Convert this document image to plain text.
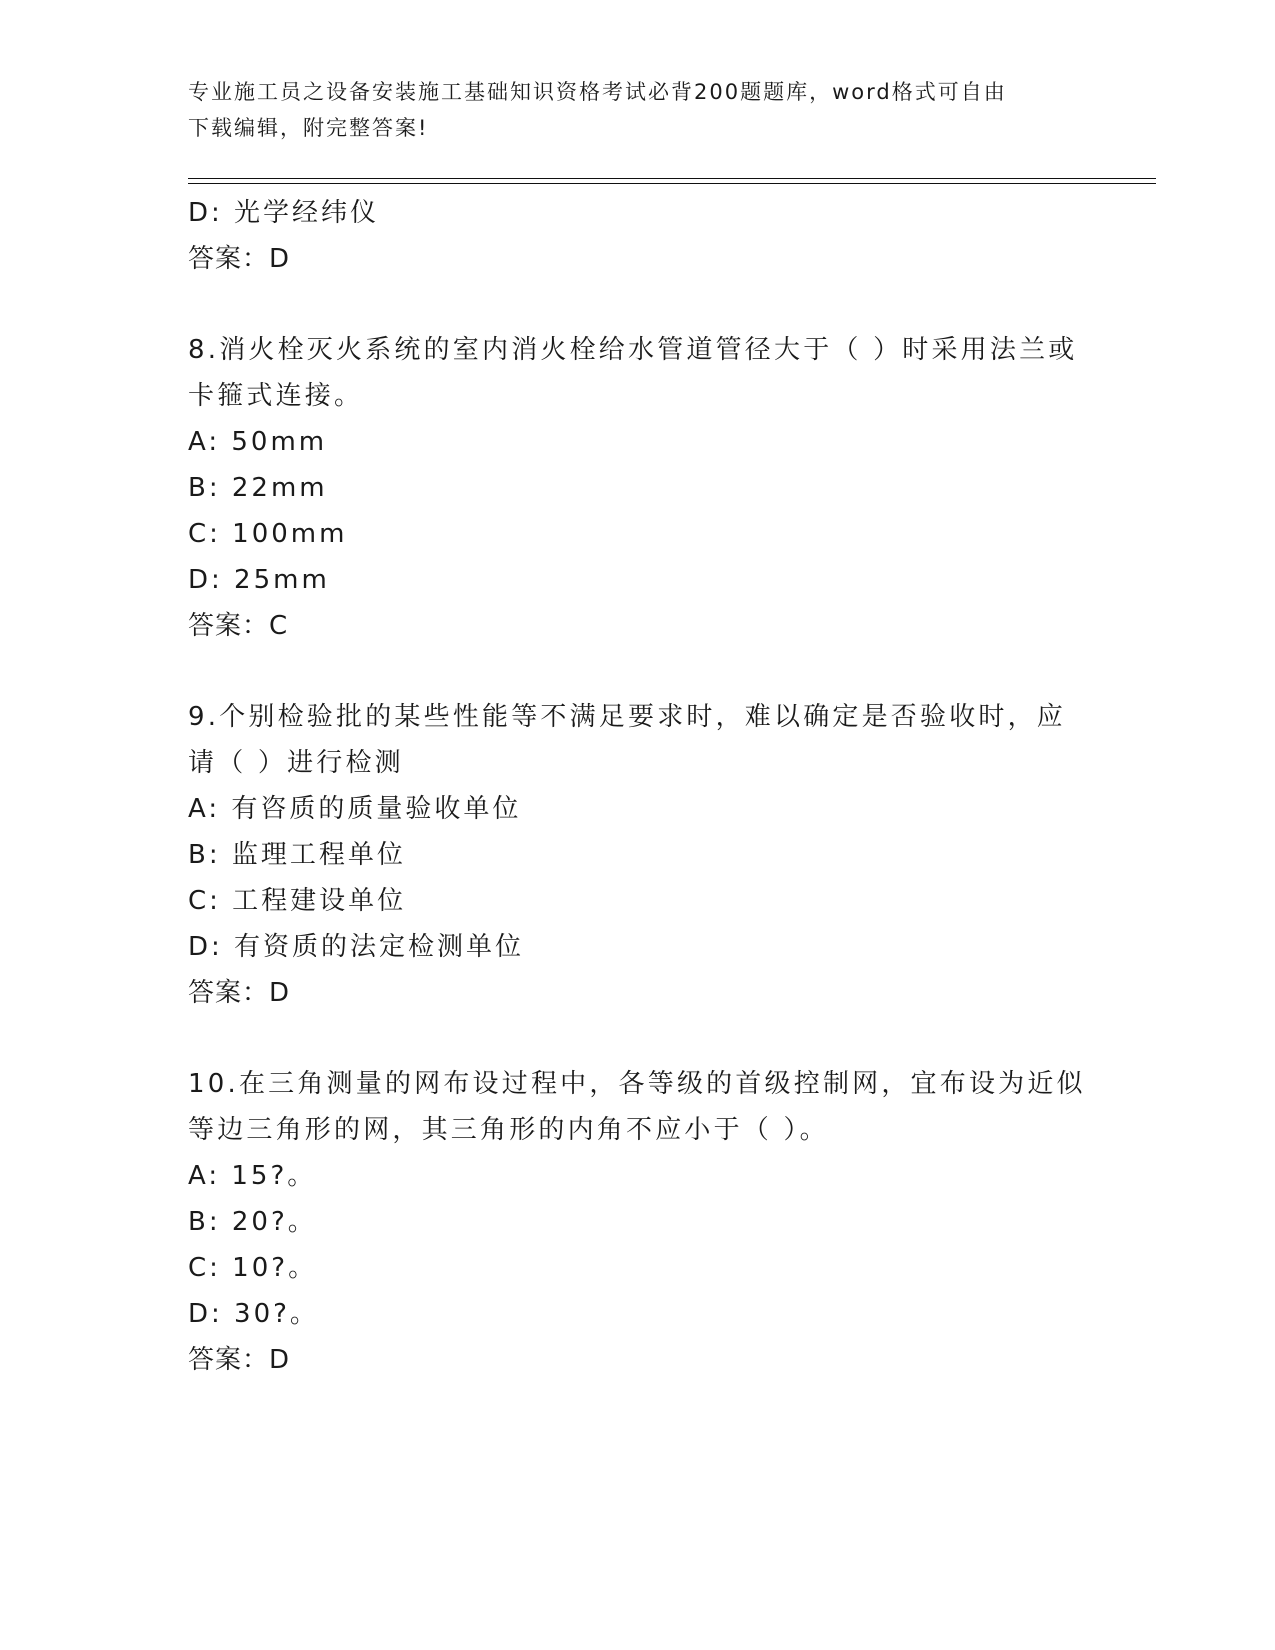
专业施工员之设备安装施工基础知识资格考试必背200题题库，word格式可自由
下载编辑，附完整答案!
D: 光学经纬仪
答案：D
8.消火栓灭火系统的室内消火栓给水管道管径大于（ ）时采用法兰或
卡箍式连接。
A: 50mm
B: 22mm
C: 100mm
D: 25mm
答案：C
9.个别检验批的某些性能等不满足要求时，难以确定是否验收时，应
请（ ）进行检测
A: 有咨质的质量验收单位
B: 监理工程单位
C: 工程建设单位
D: 有资质的法定检测单位
答案：D
10.在三角测量的网布设过程中，各等级的首级控制网，宜布设为近似
等边三角形的网，其三角形的内角不应小于（ ）。
A: 15?。
B: 20?。
C: 10?。
D: 30?。
答案：D
